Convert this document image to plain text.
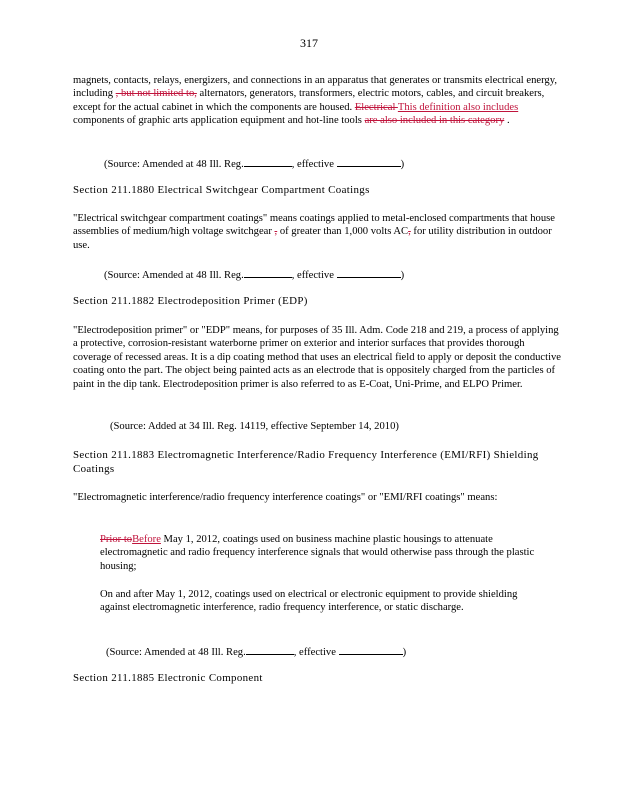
317
magnets, contacts, relays, energizers, and connections in an apparatus that generates or transmits electrical energy, including , but not limited to, alternators, generators, transformers, electric motors, cables, and circuit breakers, except for the actual cabinet in which the components are housed. Electrical This definition also includes components of graphic arts application equipment and hot-line tools are also included in this category .
(Source: Amended at 48 Ill. Reg.	, effective	)
Section 211.1880 Electrical Switchgear Compartment Coatings
"Electrical switchgear compartment coatings" means coatings applied to metal-enclosed compartments that house assemblies of medium/high voltage switchgear , of greater than 1,000 volts AC, for utility distribution in outdoor use.
(Source: Amended at 48 Ill. Reg.	, effective	)
Section 211.1882 Electrodeposition Primer (EDP)
"Electrodeposition primer" or "EDP" means, for purposes of 35 Ill. Adm. Code 218 and 219, a process of applying a protective, corrosion-resistant waterborne primer on exterior and interior surfaces that provides thorough coverage of recessed areas. It is a dip coating method that uses an electrical field to apply or deposit the conductive coating onto the part. The object being painted acts as an electrode that is oppositely charged from the particles of paint in the dip tank. Electrodeposition primer is also referred to as E-Coat, Uni-Prime, and ELPO Primer.
(Source: Added at 34 Ill. Reg. 14119, effective September 14, 2010)
Section 211.1883 Electromagnetic Interference/Radio Frequency Interference (EMI/RFI) Shielding Coatings
"Electromagnetic interference/radio frequency interference coatings" or "EMI/RFI coatings" means:
Prior toBefore May 1, 2012, coatings used on business machine plastic housings to attenuate electromagnetic and radio frequency interference signals that would otherwise pass through the plastic housing;
On and after May 1, 2012, coatings used on electrical or electronic equipment to provide shielding against electromagnetic interference, radio frequency interference, or static discharge.
(Source: Amended at 48 Ill. Reg.	, effective	)
Section 211.1885 Electronic Component
